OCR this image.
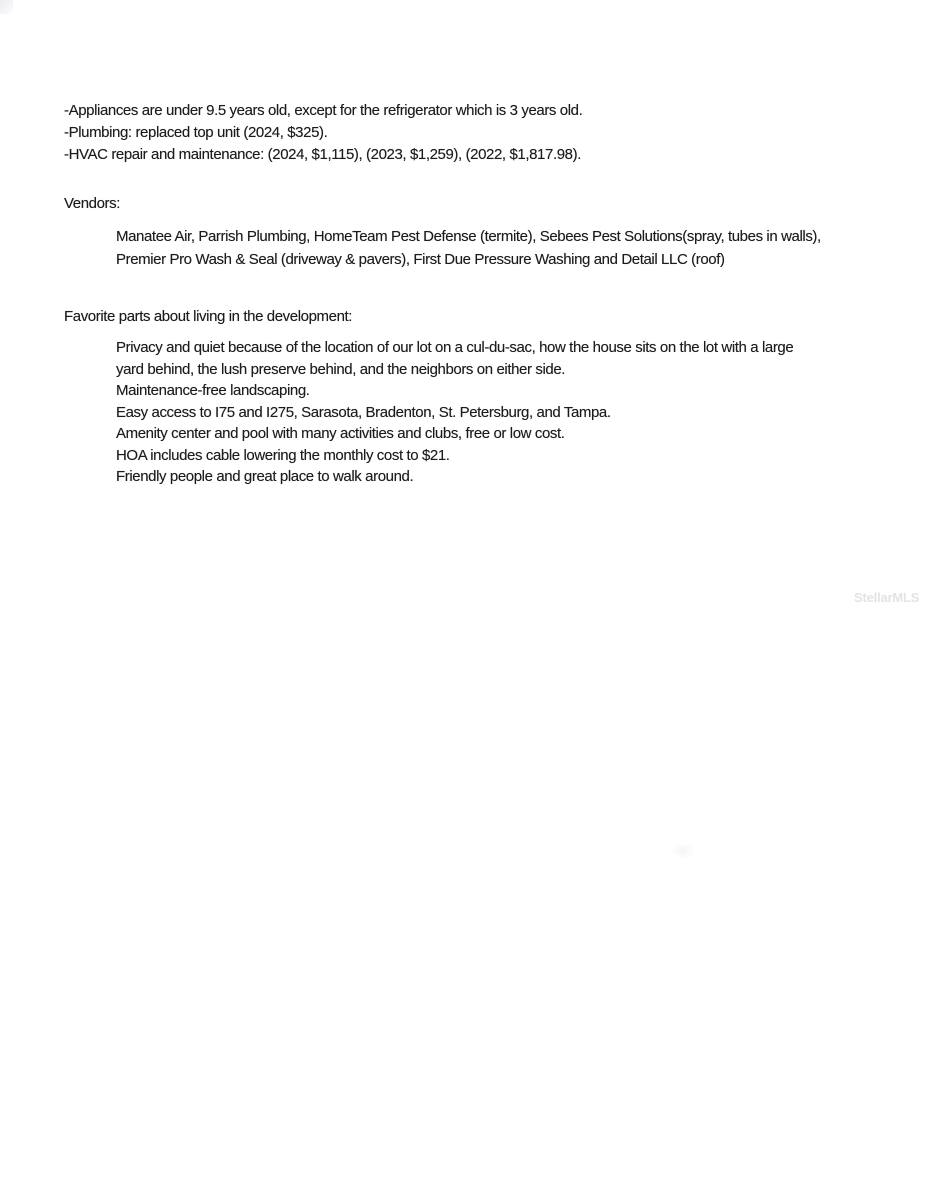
-Appliances are under 9.5 years old, except for the refrigerator which is 3 years old.
-Plumbing: replaced top unit (2024, $325).
-HVAC repair and maintenance: (2024, $1,115), (2023, $1,259), (2022, $1,817.98).
Vendors:
Manatee Air, Parrish Plumbing, HomeTeam Pest Defense (termite), Sebees Pest Solutions(spray, tubes in walls),
Premier Pro Wash & Seal (driveway & pavers), First Due Pressure Washing and Detail LLC (roof)
Favorite parts about living in the development:
Privacy and quiet because of the location of our lot on a cul-du-sac, how the house sits on the lot with a large
yard behind, the lush preserve behind, and the neighbors on either side.
Maintenance-free landscaping.
Easy access to I75 and I275, Sarasota, Bradenton, St. Petersburg, and Tampa.
Amenity center and pool with many activities and clubs, free or low cost.
HOA includes cable lowering the monthly cost to $21.
Friendly people and great place to walk around.
StellarMLS
